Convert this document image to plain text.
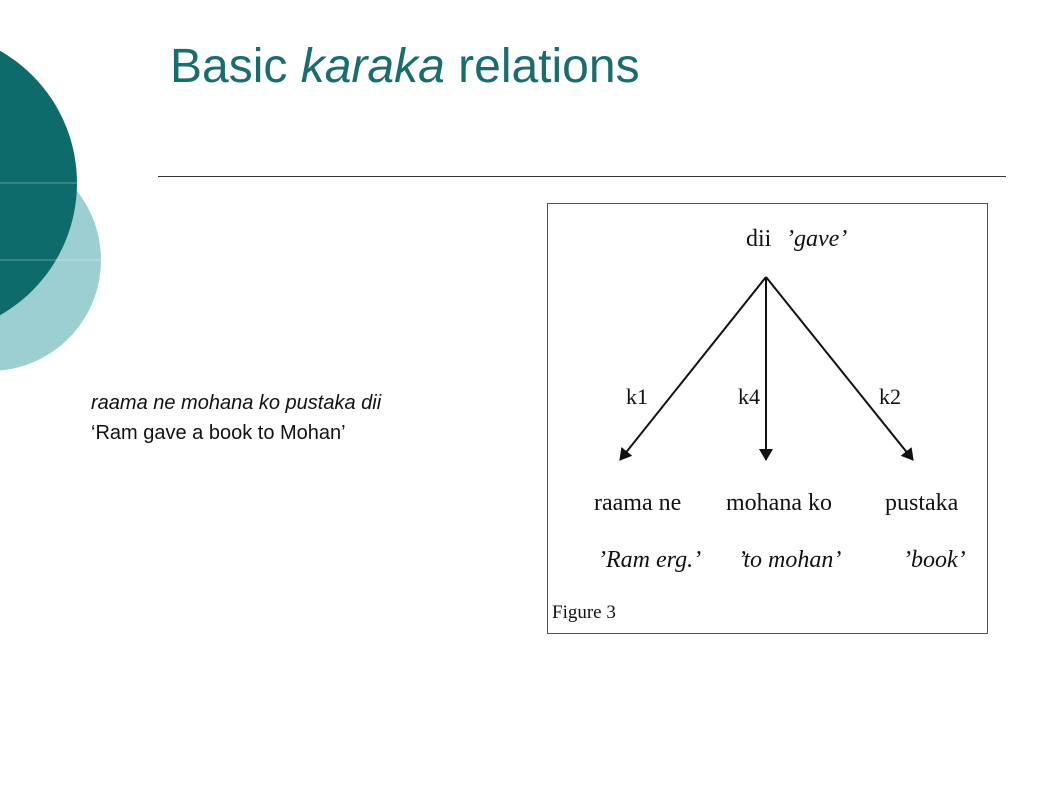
Basic karaka relations
raama ne mohana ko pustaka dii
‘Ram gave a book to Mohan’
dii ’gave’
k1	k4	k2
raama ne mohana ko pustaka
’Ram erg.’ ’to mohan’	’book’
Figure 3
